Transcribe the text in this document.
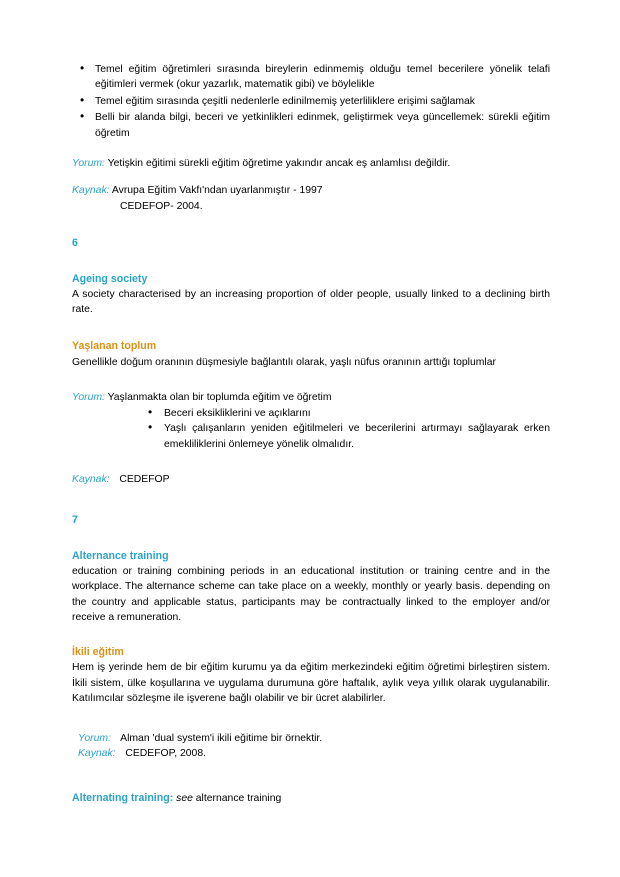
• Temel eğitim öğretimleri sırasında bireylerin edinmemiş olduğu temel becerilere yönelik telafi eğitimleri vermek (okur yazarlık, matematik gibi) ve böylelikle
• Temel eğitim sırasında çeşitli nedenlerle edinilmemiş yeterliliklere erişimi sağlamak
• Belli bir alanda bilgi, beceri ve yetkinlikleri edinmek, geliştirmek veya güncellemek: sürekli eğitim öğretim

Yorum: Yetişkin eğitimi sürekli eğitim öğretime yakındır ancak eş anlamlısı değildir.

Kaynak: Avrupa Eğitim Vakfı'ndan uyarlanmıştır - 1997

CEDEFOP- 2004.

6

Ageing society

A society characterised by an increasing proportion of older people, usually linked to a declining birth rate.

Yaşlanan toplum

Genellikle doğum oranının düşmesiyle bağlantılı olarak, yaşlı nüfus oranının arttığı toplumlar

Yorum: Yaşlanmakta olan bir toplumda eğitim ve öğretim

• Beceri eksikliklerini ve açıklarını
• Yaşlı çalışanların yeniden eğitilmeleri ve becerilerini artırmayı sağlayarak erken emekliliklerini önlemeye yönelik olmalıdır.

Kaynak: CEDEFOP

7

Alternance training

education or training combining periods in an educational institution or training centre and in the workplace. The alternance scheme can take place on a weekly, monthly or yearly basis. depending on the country and applicable status, participants may be contractually linked to the employer and/or receive a remuneration.

İkili eğitim

Hem iş yerinde hem de bir eğitim kurumu ya da eğitim merkezindeki eğitim öğretimi birleştiren sistem. İkili sistem, ülke koşullarına ve uygulama durumuna göre haftalık, aylık veya yıllık olarak uygulanabilir. Katılımcılar sözleşme ile işverene bağlı olabilir ve bir ücret alabilirler.

Yorum: Alman 'dual system'i ikili eğitime bir örnektir.

Kaynak: CEDEFOP, 2008.

Alternating training: see alternance training
